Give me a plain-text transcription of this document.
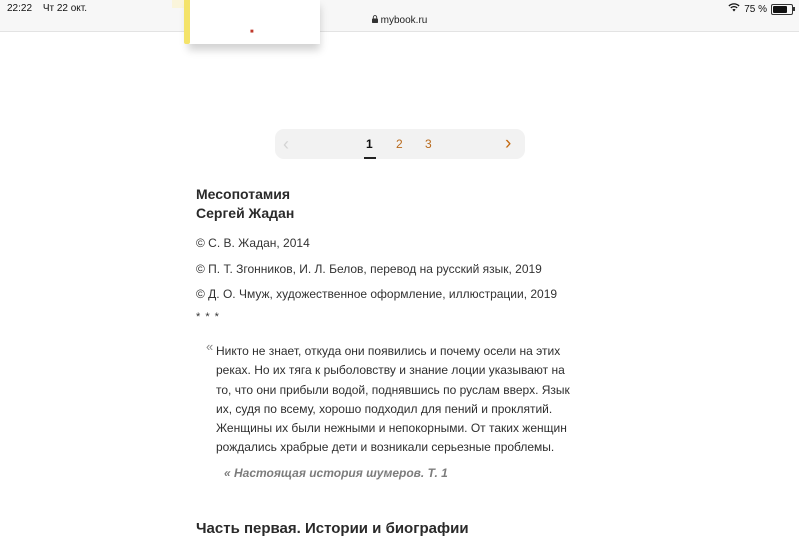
22:22 Чт 22 окт.
mybook.ru
75 %
■
‹	1 2 3	›
Месопотамия
Сергей Жадан
© С. В. Жадан, 2014
© П. Т. Згонников, И. Л. Белов, перевод на русский язык, 2019
© Д. О. Чмуж, художественное оформление, иллюстрации, 2019
* * *
« Никто не знает, откуда они появились и почему осели на этих
реках. Но их тяга к рыболовству и знание лоции указывают на
то, что они прибыли водой, поднявшись по руслам вверх. Язык
их, судя по всему, хорошо подходил для пений и проклятий.
Женщины их были нежными и непокорными. От таких женщин
рождались храбрые дети и возникали серьезные проблемы.
« Настоящая история шумеров. Т. 1
Часть первая. Истории и биографии
